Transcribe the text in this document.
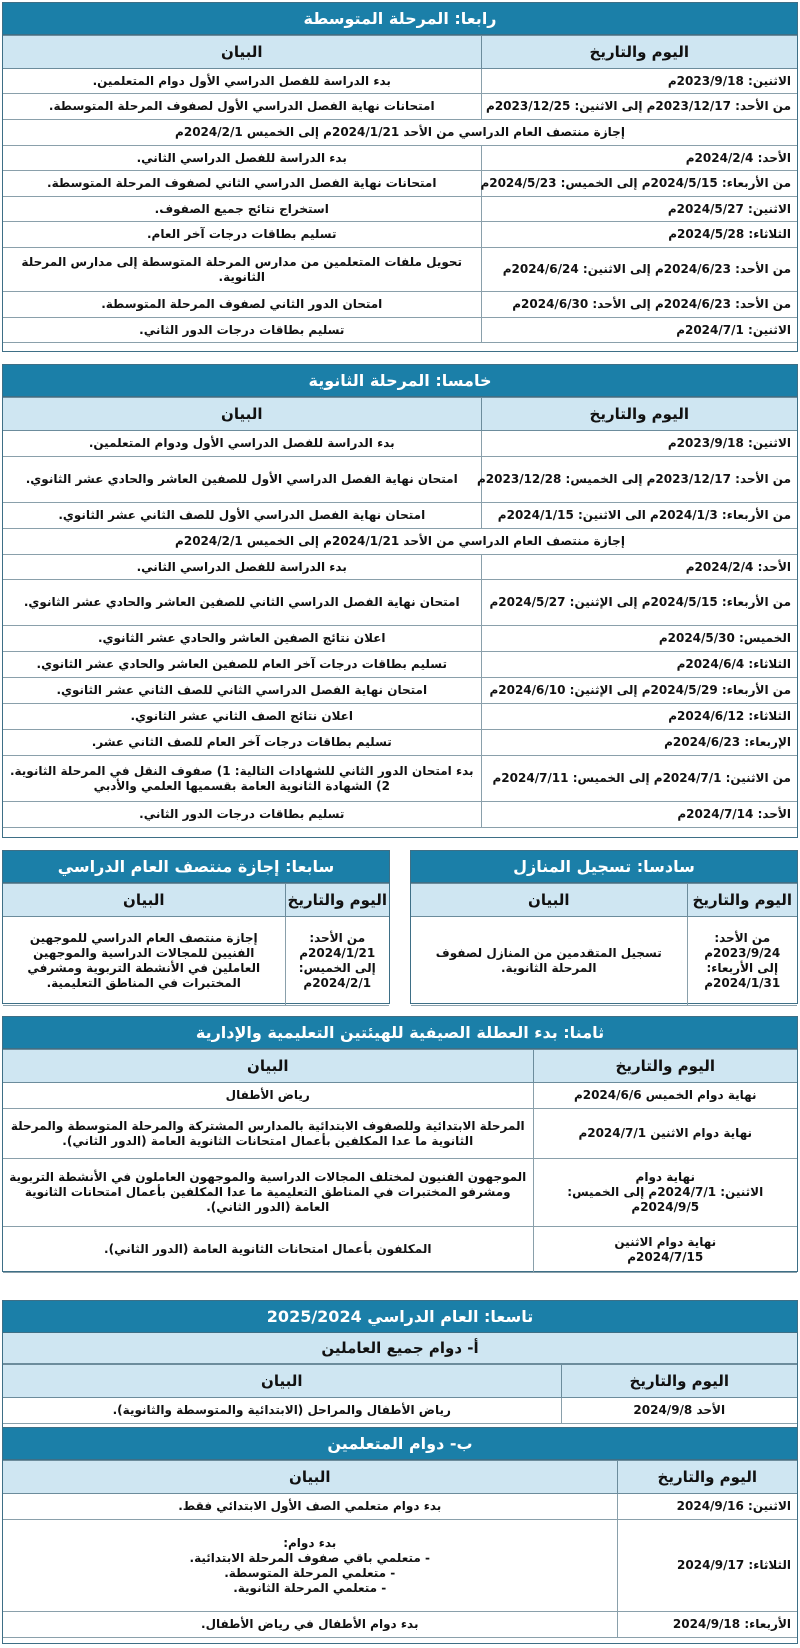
رابعا: المرحلة المتوسطة
اليوم والتاريخ	البيان
الاثنين: 2023/9/18م	بدء الدراسة للفصل الدراسي الأول دوام المتعلمين.
من الأحد: 2023/12/17م إلى الاثنين: 2023/12/25م	امتحانات نهاية الفصل الدراسي الأول لصفوف المرحلة المتوسطة.
إجازة منتصف العام الدراسي من الأحد 2024/1/21م إلى الخميس 2024/2/1م	
الأحد: 2024/2/4م	بدء الدراسة للفصل الدراسي الثاني.
من الأربعاء: 2024/5/15م إلى الخميس: 2024/5/23م	امتحانات نهاية الفصل الدراسي الثاني لصفوف المرحلة المتوسطة.
الاثنين: 2024/5/27م	استخراج نتائج جميع الصفوف.
الثلاثاء: 2024/5/28م	تسليم بطاقات درجات آخر العام.
من الأحد: 2024/6/23م إلى الاثنين: 2024/6/24م	تحويل ملفات المتعلمين من مدارس المرحلة المتوسطة إلى مدارس المرحلة الثانوية.
من الأحد: 2024/6/23م إلى الأحد: 2024/6/30م	امتحان الدور الثاني لصفوف المرحلة المتوسطة.
الاثنين: 2024/7/1م	تسليم بطاقات درجات الدور الثاني.
خامسا: المرحلة الثانوية
اليوم والتاريخ	البيان
الاثنين: 2023/9/18م	بدء الدراسة للفصل الدراسي الأول ودوام المتعلمين.
من الأحد: 2023/12/17م إلى الخميس: 2023/12/28م	امتحان نهاية الفصل الدراسي الأول للصفين العاشر والحادي عشر الثانوي.
من الأربعاء: 2024/1/3م الى الاثنين: 2024/1/15م	امتحان نهاية الفصل الدراسي الأول للصف الثاني عشر الثانوي.
إجازة منتصف العام الدراسي من الأحد 2024/1/21م إلى الخميس 2024/2/1م	
الأحد: 2024/2/4م	بدء الدراسة للفصل الدراسي الثاني.
من الأربعاء: 2024/5/15م إلى الإثنين: 2024/5/27م	امتحان نهاية الفصل الدراسي الثاني للصفين العاشر والحادي عشر الثانوي.
الخميس: 2024/5/30م	اعلان نتائج الصفين العاشر والحادي عشر الثانوي.
الثلاثاء: 2024/6/4م	تسليم بطاقات درجات آخر العام للصفين العاشر والحادي عشر الثانوي.
من الأربعاء: 2024/5/29م إلى الإثنين: 2024/6/10م	امتحان نهاية الفصل الدراسي الثاني للصف الثاني عشر الثانوي.
الثلاثاء: 2024/6/12م	اعلان نتائج الصف الثاني عشر الثانوي.
الإربعاء: 2024/6/23م	تسليم بطاقات درجات آخر العام للصف الثاني عشر.
من الاثنين: 2024/7/1م إلى الخميس: 2024/7/11م	بدء امتحان الدور الثاني للشهادات التالية: 1) صفوف النقل في المرحلة الثانوية. 2) الشهادة الثانوية العامة بقسميها العلمي والأدبي
الأحد: 2024/7/14م	تسليم بطاقات درجات الدور الثاني.
سادسا: تسجيل المنازل
اليوم والتاريخ	البيان
من الأحد:
2023/9/24م
إلى الأربعاء:
2024/1/31م	تسجيل المتقدمين من المنازل لصفوف المرحلة الثانوية.
سابعا: إجازة منتصف العام الدراسي
اليوم والتاريخ	البيان
من الأحد:
2024/1/21م
إلى الخميس:
2024/2/1م	إجازة منتصف العام الدراسي للموجهين الفنيين للمجالات الدراسية والموجهين العاملين في الأنشطة التربوية ومشرفي المختبرات في المناطق التعليمية.
ثامنا: بدء العطلة الصيفية للهيئتين التعليمية والإدارية
اليوم والتاريخ	البيان
نهاية دوام الخميس 2024/6/6م	رياض الأطفال
نهاية دوام الاثنين 2024/7/1م	المرحلة الابتدائية وللصفوف الابتدائية بالمدارس المشتركة والمرحلة المتوسطة والمرحلة الثانوية ما عدا المكلفين بأعمال امتحانات الثانوية العامة (الدور الثاني).
نهاية دوام
الاثنين: 2024/7/1م إلى الخميس:
2024/9/5م	الموجهون الفنيون لمختلف المجالات الدراسية والموجهون العاملون في الأنشطة التربوية ومشرفو المختبرات في المناطق التعليمية ما عدا المكلفين بأعمال امتحانات الثانوية العامة (الدور الثاني).
نهاية دوام الاثنين
2024/7/15م	المكلفون بأعمال امتحانات الثانوية العامة (الدور الثاني).
تاسعا: العام الدراسي 2025/2024
أ- دوام جميع العاملين
اليوم والتاريخ	البيان
الأحد 2024/9/8	رياض الأطفال والمراحل (الابتدائية والمتوسطة والثانوية).
ب- دوام المتعلمين
اليوم والتاريخ	البيان
الاثنين: 2024/9/16	بدء دوام متعلمي الصف الأول الابتدائي فقط.
الثلاثاء: 2024/9/17	بدء دوام:
- متعلمي باقي صفوف المرحلة الابتدائية.
- متعلمي المرحلة المتوسطة.
- متعلمي المرحلة الثانوية.
الأربعاء: 2024/9/18	بدء دوام الأطفال في رياض الأطفال.
